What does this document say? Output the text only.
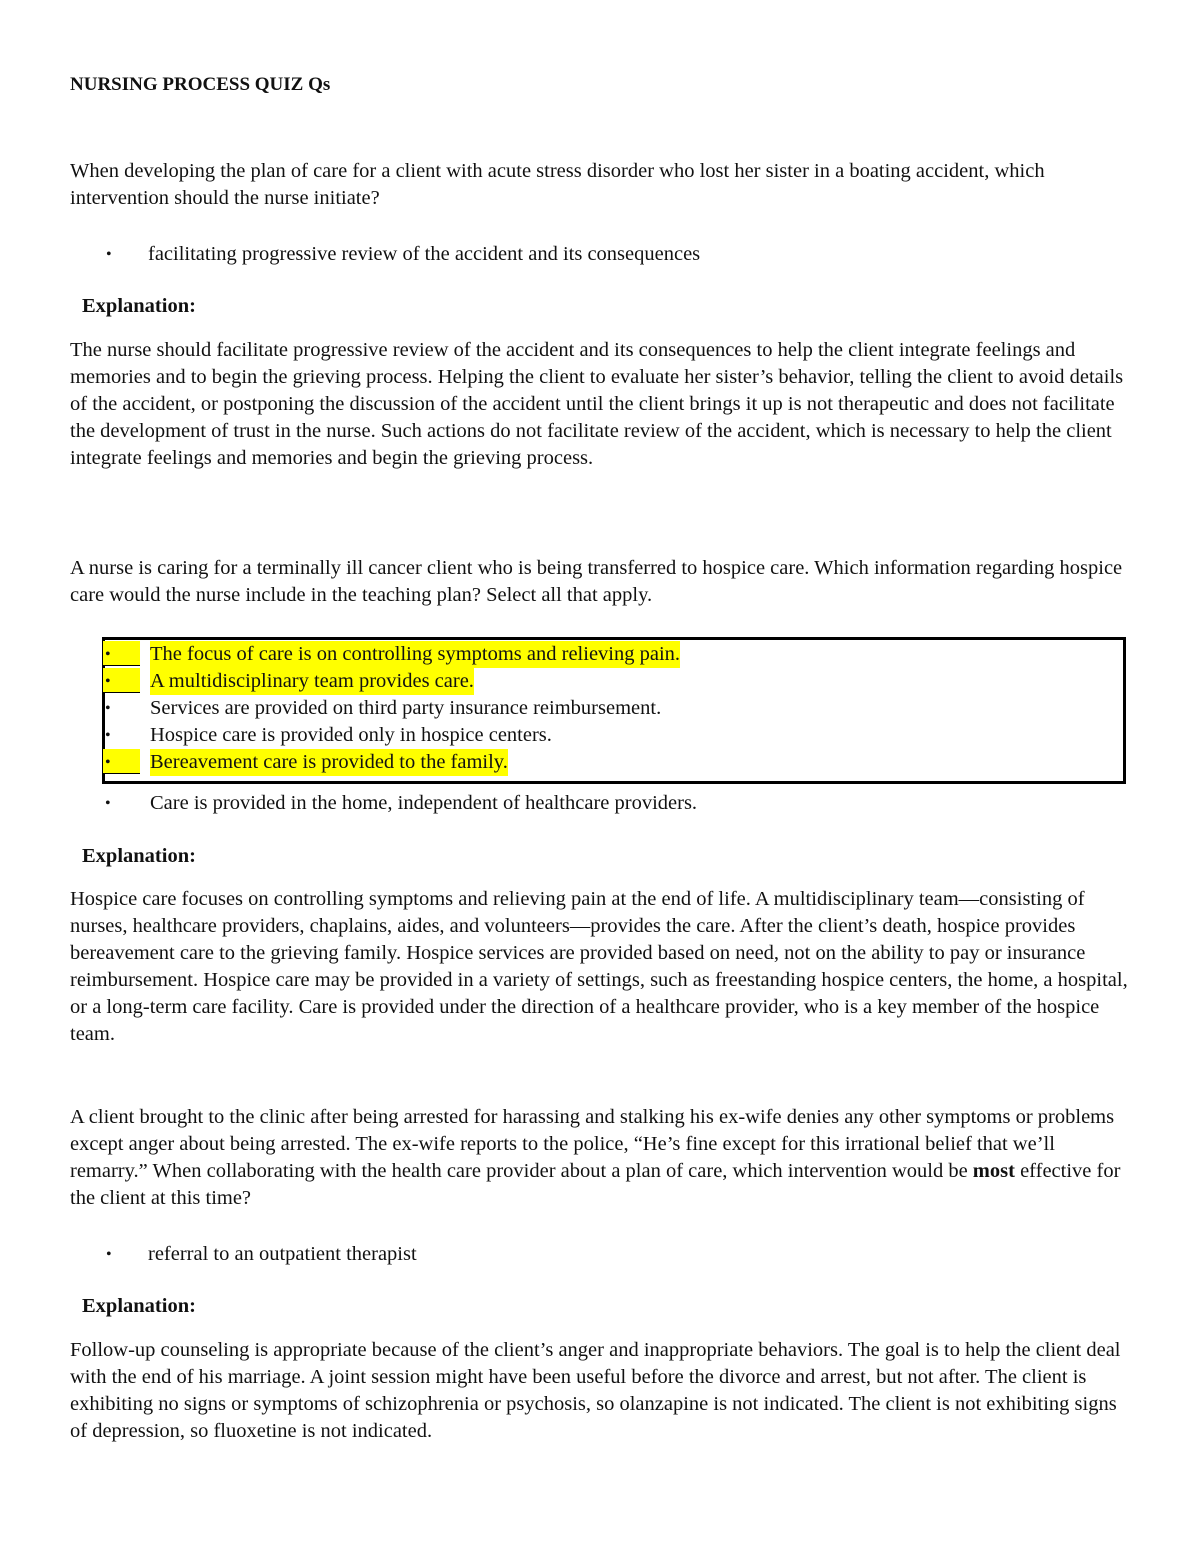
NURSING PROCESS QUIZ Qs

When developing the plan of care for a client with acute stress disorder who lost her sister in a boating accident, which intervention should the nurse initiate?

• facilitating progressive review of the accident and its consequences
Explanation:

The nurse should facilitate progressive review of the accident and its consequences to help the client integrate feelings and memories and to begin the grieving process. Helping the client to evaluate her sister’s behavior, telling the client to avoid details of the accident, or postponing the discussion of the accident until the client brings it up is not therapeutic and does not facilitate the development of trust in the nurse. Such actions do not facilitate review of the accident, which is necessary to help the client integrate feelings and memories and begin the grieving process.

A nurse is caring for a terminally ill cancer client who is being transferred to hospice care. Which information regarding hospice care would the nurse include in the teaching plan? Select all that apply.

• The focus of care is on controlling symptoms and relieving pain.
• A multidisciplinary team provides care.
• Services are provided on third party insurance reimbursement.
• Hospice care is provided only in hospice centers.
• Bereavement care is provided to the family.
• Care is provided in the home, independent of healthcare providers.
Explanation:

Hospice care focuses on controlling symptoms and relieving pain at the end of life. A multidisciplinary team—consisting of nurses, healthcare providers, chaplains, aides, and volunteers—provides the care. After the client’s death, hospice provides bereavement care to the grieving family. Hospice services are provided based on need, not on the ability to pay or insurance reimbursement. Hospice care may be provided in a variety of settings, such as freestanding hospice centers, the home, a hospital, or a long-term care facility. Care is provided under the direction of a healthcare provider, who is a key member of the hospice team.

A client brought to the clinic after being arrested for harassing and stalking his ex-wife denies any other symptoms or problems except anger about being arrested. The ex-wife reports to the police, “He’s fine except for this irrational belief that we’ll remarry.” When collaborating with the health care provider about a plan of care, which intervention would be most effective for the client at this time?

• referral to an outpatient therapist
Explanation:

Follow-up counseling is appropriate because of the client’s anger and inappropriate behaviors. The goal is to help the client deal with the end of his marriage. A joint session might have been useful before the divorce and arrest, but not after. The client is exhibiting no signs or symptoms of schizophrenia or psychosis, so olanzapine is not indicated. The client is not exhibiting signs of depression, so fluoxetine is not indicated.
